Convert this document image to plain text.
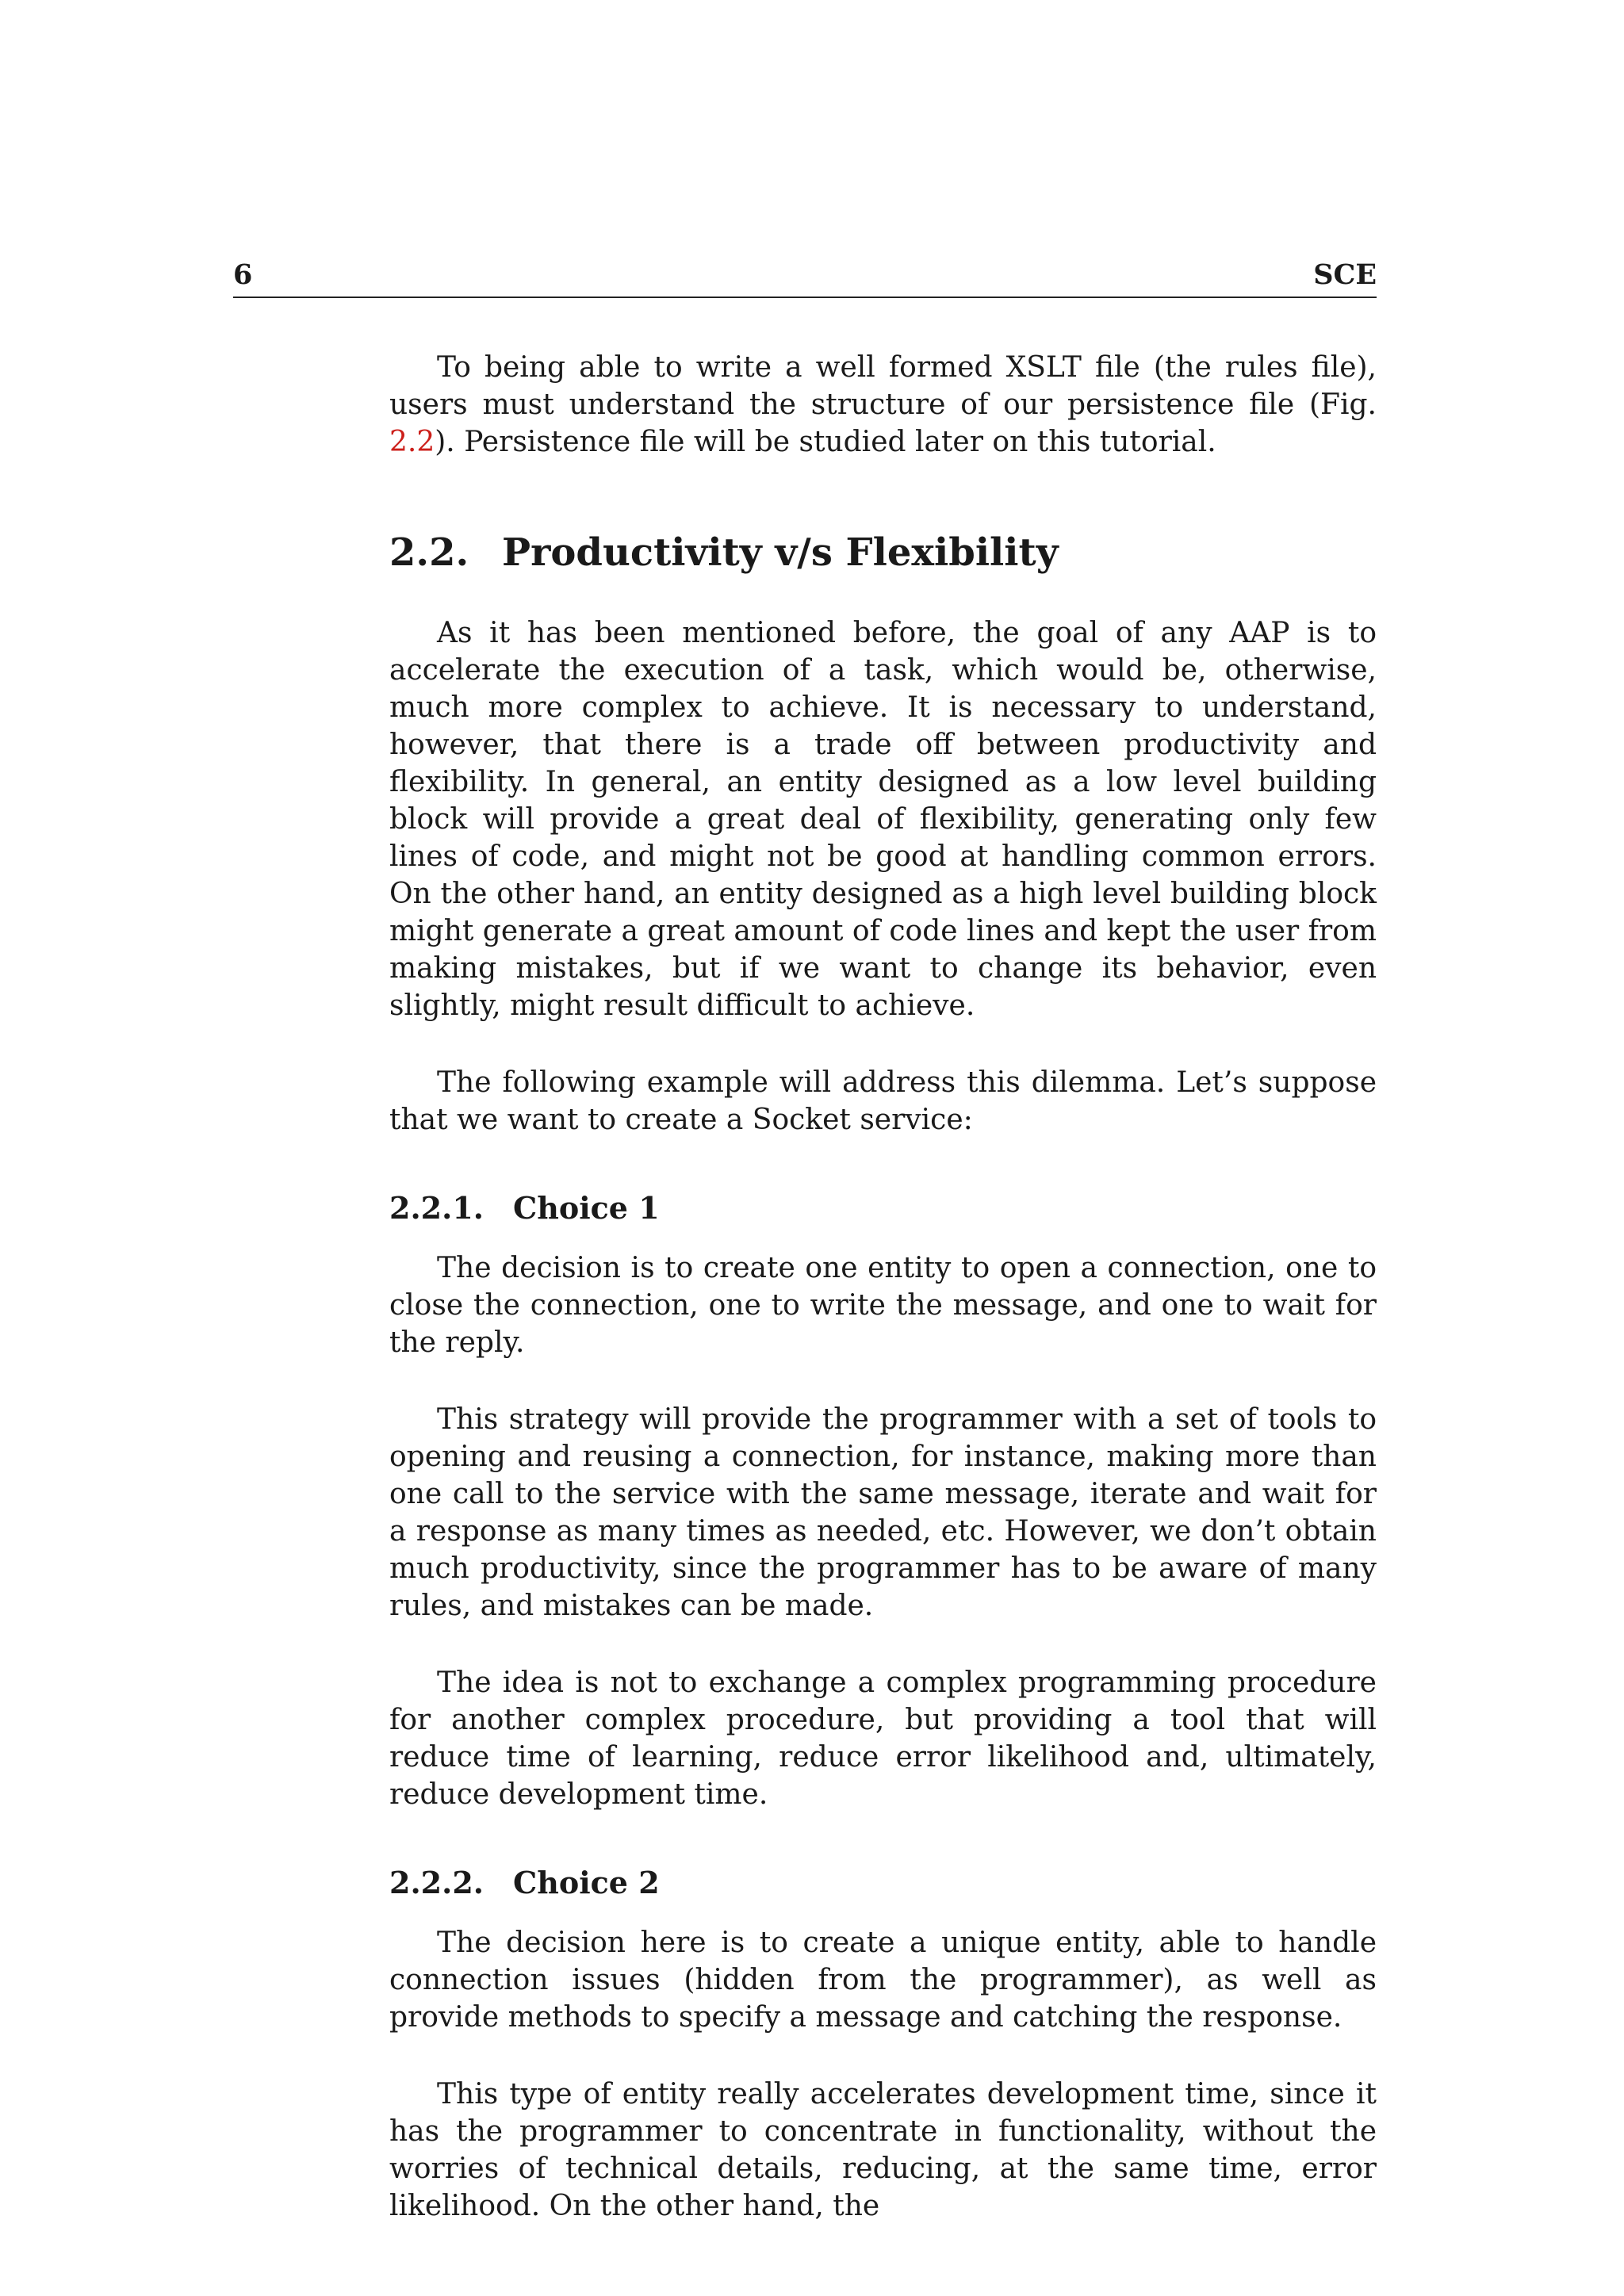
6	SCE

To being able to write a well formed XSLT file (the rules file), users must understand the structure of our persistence file (Fig. 2.2). Persistence file will be studied later on this tutorial.

2.2. Productivity v/s Flexibility

As it has been mentioned before, the goal of any AAP is to accelerate the execution of a task, which would be, otherwise, much more complex to achieve. It is necessary to understand, however, that there is a trade off between productivity and flexibility. In general, an entity designed as a low level building block will provide a great deal of flexibility, generating only few lines of code, and might not be good at handling common errors. On the other hand, an entity designed as a high level building block might generate a great amount of code lines and kept the user from making mistakes, but if we want to change its behavior, even slightly, might result difficult to achieve.

The following example will address this dilemma. Let’s suppose that we want to create a Socket service:

2.2.1. Choice 1

The decision is to create one entity to open a connection, one to close the connection, one to write the message, and one to wait for the reply.

This strategy will provide the programmer with a set of tools to opening and reusing a connection, for instance, making more than one call to the service with the same message, iterate and wait for a response as many times as needed, etc. However, we don’t obtain much productivity, since the programmer has to be aware of many rules, and mistakes can be made.

The idea is not to exchange a complex programming procedure for another complex procedure, but providing a tool that will reduce time of learning, reduce error likelihood and, ultimately, reduce development time.

2.2.2. Choice 2

The decision here is to create a unique entity, able to handle connection issues (hidden from the programmer), as well as provide methods to specify a message and catching the response.

This type of entity really accelerates development time, since it has the programmer to concentrate in functionality, without the worries of technical details, reducing, at the same time, error likelihood. On the other hand, the
